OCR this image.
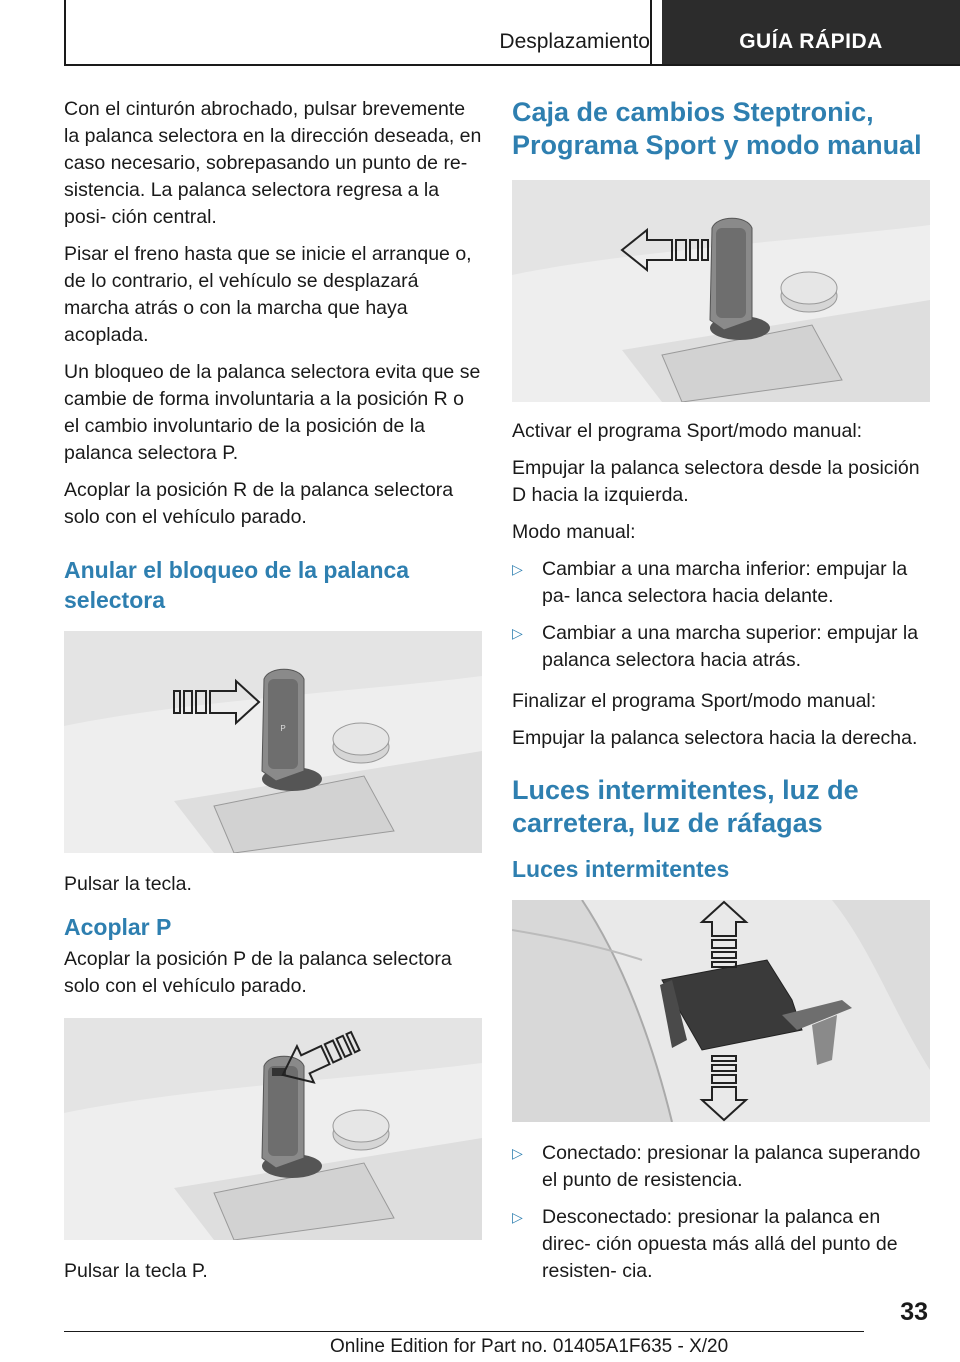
Desplazamiento	GUÍA RÁPIDA

Con el cinturón abrochado, pulsar brevemente la palanca selectora en la dirección deseada, en caso necesario, sobrepasando un punto de re‐ sistencia. La palanca selectora regresa a la posi‐ ción central.

Pisar el freno hasta que se inicie el arranque o, de lo contrario, el vehículo se desplazará marcha atrás o con la marcha que haya acoplada.

Un bloqueo de la palanca selectora evita que se cambie de forma involuntaria a la posición R o el cambio involuntario de la posición de la palanca selectora P.

Acoplar la posición R de la palanca selectora solo con el vehículo parado.

Anular el bloqueo de la palanca selectora
P

Pulsar la tecla.

Acoplar P

Acoplar la posición P de la palanca selectora solo con el vehículo parado.

Pulsar la tecla P.

Caja de cambios Steptronic, Programa Sport y modo manual

Activar el programa Sport/modo manual:

Empujar la palanca selectora desde la posición D hacia la izquierda.

Modo manual:

▷ Cambiar a una marcha inferior: empujar la pa‐ lanca selectora hacia delante.
▷ Cambiar a una marcha superior: empujar la palanca selectora hacia atrás.

Finalizar el programa Sport/modo manual:

Empujar la palanca selectora hacia la derecha.

Luces intermitentes, luz de carretera, luz de ráfagas
Luces intermitentes
▷ Conectado: presionar la palanca superando el punto de resistencia.
▷ Desconectado: presionar la palanca en direc‐ ción opuesta más allá del punto de resisten‐ cia.
33
Online Edition for Part no. 01405A1F635 - X/20
